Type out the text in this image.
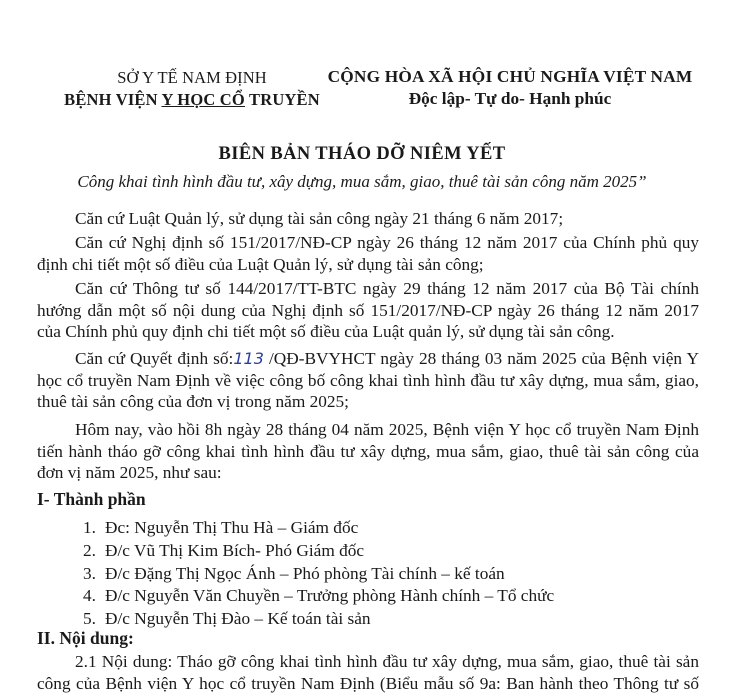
SỞ Y TẾ NAM ĐỊNH
BỆNH VIỆN Y HỌC CỔ TRUYỀN
CỘNG HÒA XÃ HỘI CHỦ NGHĨA VIỆT NAM
Độc lập- Tự do- Hạnh phúc
BIÊN BẢN THÁO DỠ NIÊM YẾT
Công khai tình hình đầu tư, xây dựng, mua sắm, giao, thuê tài sản công năm 2025”
Căn cứ Luật Quản lý, sử dụng tài sản công ngày 21 tháng 6 năm 2017;
Căn cứ Nghị định số 151/2017/NĐ-CP ngày 26 tháng 12 năm 2017 của Chính phủ quy
định chi tiết một số điều của Luật Quản lý, sử dụng tài sản công;
Căn cứ Thông tư số 144/2017/TT-BTC ngày 29 tháng 12 năm 2017 của Bộ Tài chính
hướng dẫn một số nội dung của Nghị định số 151/2017/NĐ-CP ngày 26 tháng 12 năm 2017
của Chính phủ quy định chi tiết một số điều của Luật quản lý, sử dụng tài sản công.
Căn cứ Quyết định số:113 /QĐ-BVYHCT ngày 28 tháng 03 năm 2025 của Bệnh viện Y
học cổ truyền Nam Định về việc công bố công khai tình hình đầu tư xây dựng, mua sắm, giao,
thuê tài sản công của đơn vị trong năm 2025;
Hôm nay, vào hồi 8h ngày 28 tháng 04 năm 2025, Bệnh viện Y học cổ truyền Nam Định
tiến hành tháo gỡ công khai tình hình đầu tư xây dựng, mua sắm, giao, thuê tài sản công của
đơn vị năm 2025, như sau:
I- Thành phần
1. Đc: Nguyễn Thị Thu Hà – Giám đốc
2. Đ/c Vũ Thị Kim Bích- Phó Giám đốc
3. Đ/c Đặng Thị Ngọc Ánh – Phó phòng Tài chính – kế toán
4. Đ/c Nguyễn Văn Chuyền – Trưởng phòng Hành chính – Tổ chức
5. Đ/c Nguyễn Thị Đào – Kế toán tài sản
II. Nội dung:
2.1 Nội dung: Tháo gỡ công khai tình hình đầu tư xây dựng, mua sắm, giao, thuê tài sản
công của Bệnh viện Y học cổ truyền Nam Định (Biểu mẫu số 9a: Ban hành theo Thông tư số
